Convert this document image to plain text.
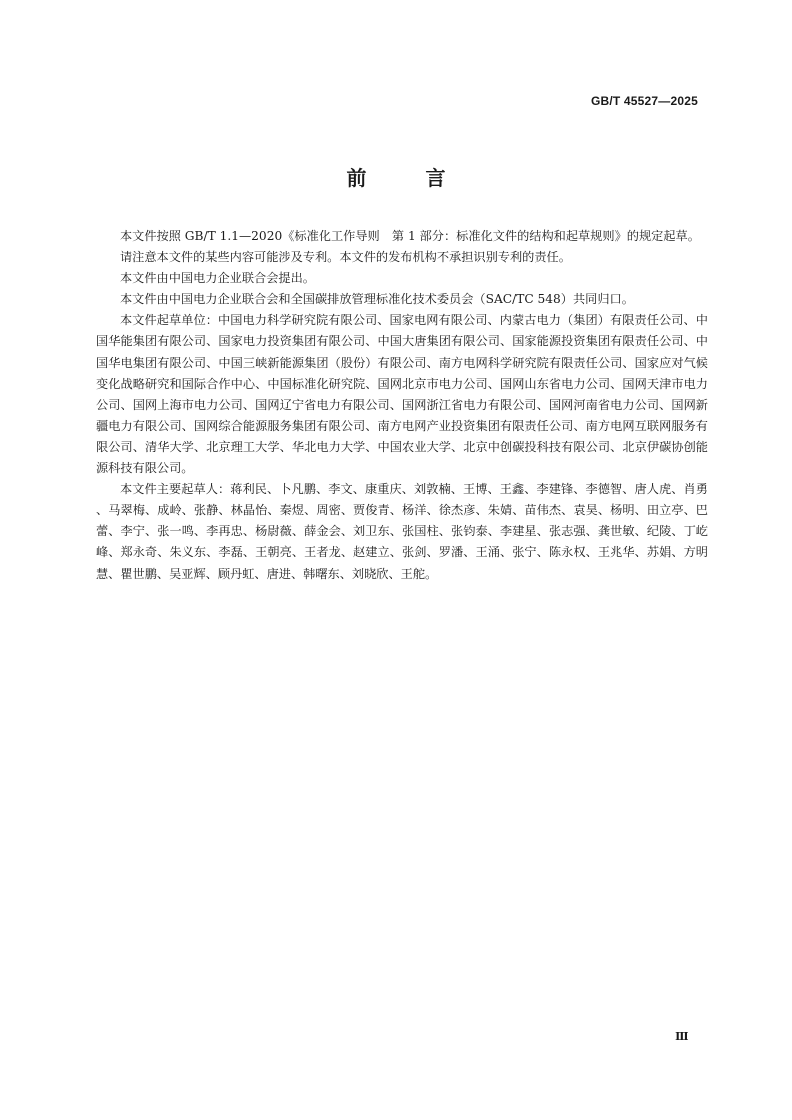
GB/T 45527—2025
前 言

本文件按照 GB/T 1.1—2020《标准化工作导则　第 1 部分：标准化文件的结构和起草规则》的规定起草。

请注意本文件的某些内容可能涉及专利。本文件的发布机构不承担识别专利的责任。

本文件由中国电力企业联合会提出。

本文件由中国电力企业联合会和全国碳排放管理标准化技术委员会（SAC/TC 548）共同归口。

本文件起草单位：中国电力科学研究院有限公司、国家电网有限公司、内蒙古电力（集团）有限责任公司、中国华能集团有限公司、国家电力投资集团有限公司、中国大唐集团有限公司、国家能源投资集团有限责任公司、中国华电集团有限公司、中国三峡新能源集团（股份）有限公司、南方电网科学研究院有限责任公司、国家应对气候变化战略研究和国际合作中心、中国标准化研究院、国网北京市电力公司、国网山东省电力公司、国网天津市电力公司、国网上海市电力公司、国网辽宁省电力有限公司、国网浙江省电力有限公司、国网河南省电力公司、国网新疆电力有限公司、国网综合能源服务集团有限公司、南方电网产业投资集团有限责任公司、南方电网互联网服务有限公司、清华大学、北京理工大学、华北电力大学、中国农业大学、北京中创碳投科技有限公司、北京伊碳协创能源科技有限公司。

本文件主要起草人：蒋利民、卜凡鹏、李文、康重庆、刘敦楠、王博、王鑫、李建锋、李德智、唐人虎、肖勇、马翠梅、成岭、张静、林晶怡、秦煜、周密、贾俊青、杨洋、徐杰彦、朱婧、苗伟杰、袁昊、杨明、田立亭、巴蕾、李宁、张一鸣、李再忠、杨尉薇、薛金会、刘卫东、张国柱、张钧泰、李建星、张志强、龚世敏、纪陵、丁屹峰、郑永奇、朱义东、李磊、王朝亮、王者龙、赵建立、张剑、罗潘、王涌、张宁、陈永权、王兆华、苏娟、方明慧、瞿世鹏、吴亚辉、顾丹虹、唐进、韩曙东、刘晓欣、王舵。

Ⅲ
